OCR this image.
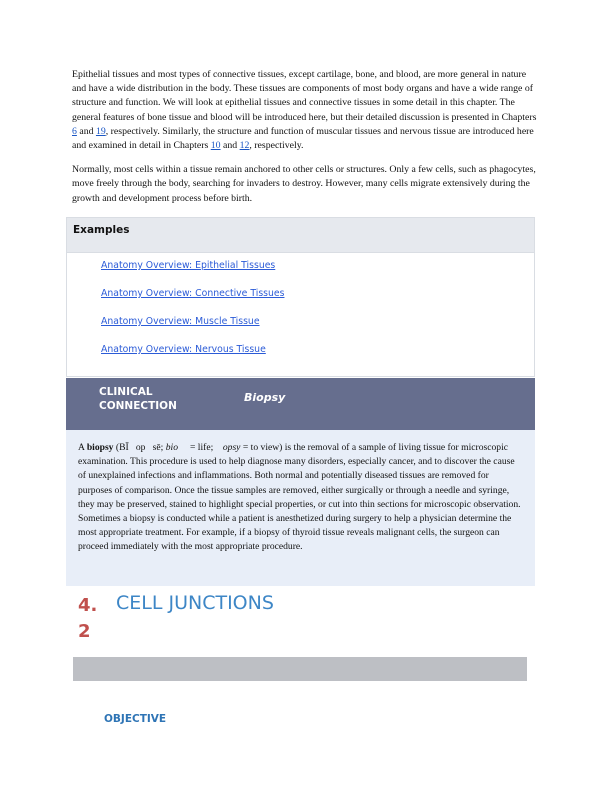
Epithelial tissues and most types of connective tissues, except cartilage, bone, and blood, are more general in nature and have a wide distribution in the body. These tissues are components of most body organs and have a wide range of structure and function. We will look at epithelial tissues and connective tissues in some detail in this chapter. The general features of bone tissue and blood will be introduced here, but their detailed discussion is presented in Chapters 6 and 19, respectively. Similarly, the structure and function of muscular tissues and nervous tissue are introduced here and examined in detail in Chapters 10 and 12, respectively.

Normally, most cells within a tissue remain anchored to other cells or structures. Only a few cells, such as phagocytes, move freely through the body, searching for invaders to destroy. However, many cells migrate extensively during the growth and development process before birth.

Examples
Anatomy Overview: Epithelial Tissues
Anatomy Overview: Connective Tissues
Anatomy Overview: Muscle Tissue
Anatomy Overview: Nervous Tissue
CLINICAL
CONNECTION
Biopsy
A biopsy (BĪ op sē; bio     = life; opsy = to view) is the removal of a sample of living tissue for microscopic examination. This procedure is used to help diagnose many disorders, especially cancer, and to discover the cause of unexplained infections and inflammations. Both normal and potentially diseased tissues are removed for purposes of comparison. Once the tissue samples are removed, either surgically or through a needle and syringe, they may be preserved, stained to highlight special properties, or cut into thin sections for microscopic observation. Sometimes a biopsy is conducted while a patient is anesthetized during surgery to help a physician determine the most appropriate treatment. For example, if a biopsy of thyroid tissue reveals malignant cells, the surgeon can proceed immediately with the most appropriate procedure.
4.
2
CELL JUNCTIONS
OBJECTIVE
